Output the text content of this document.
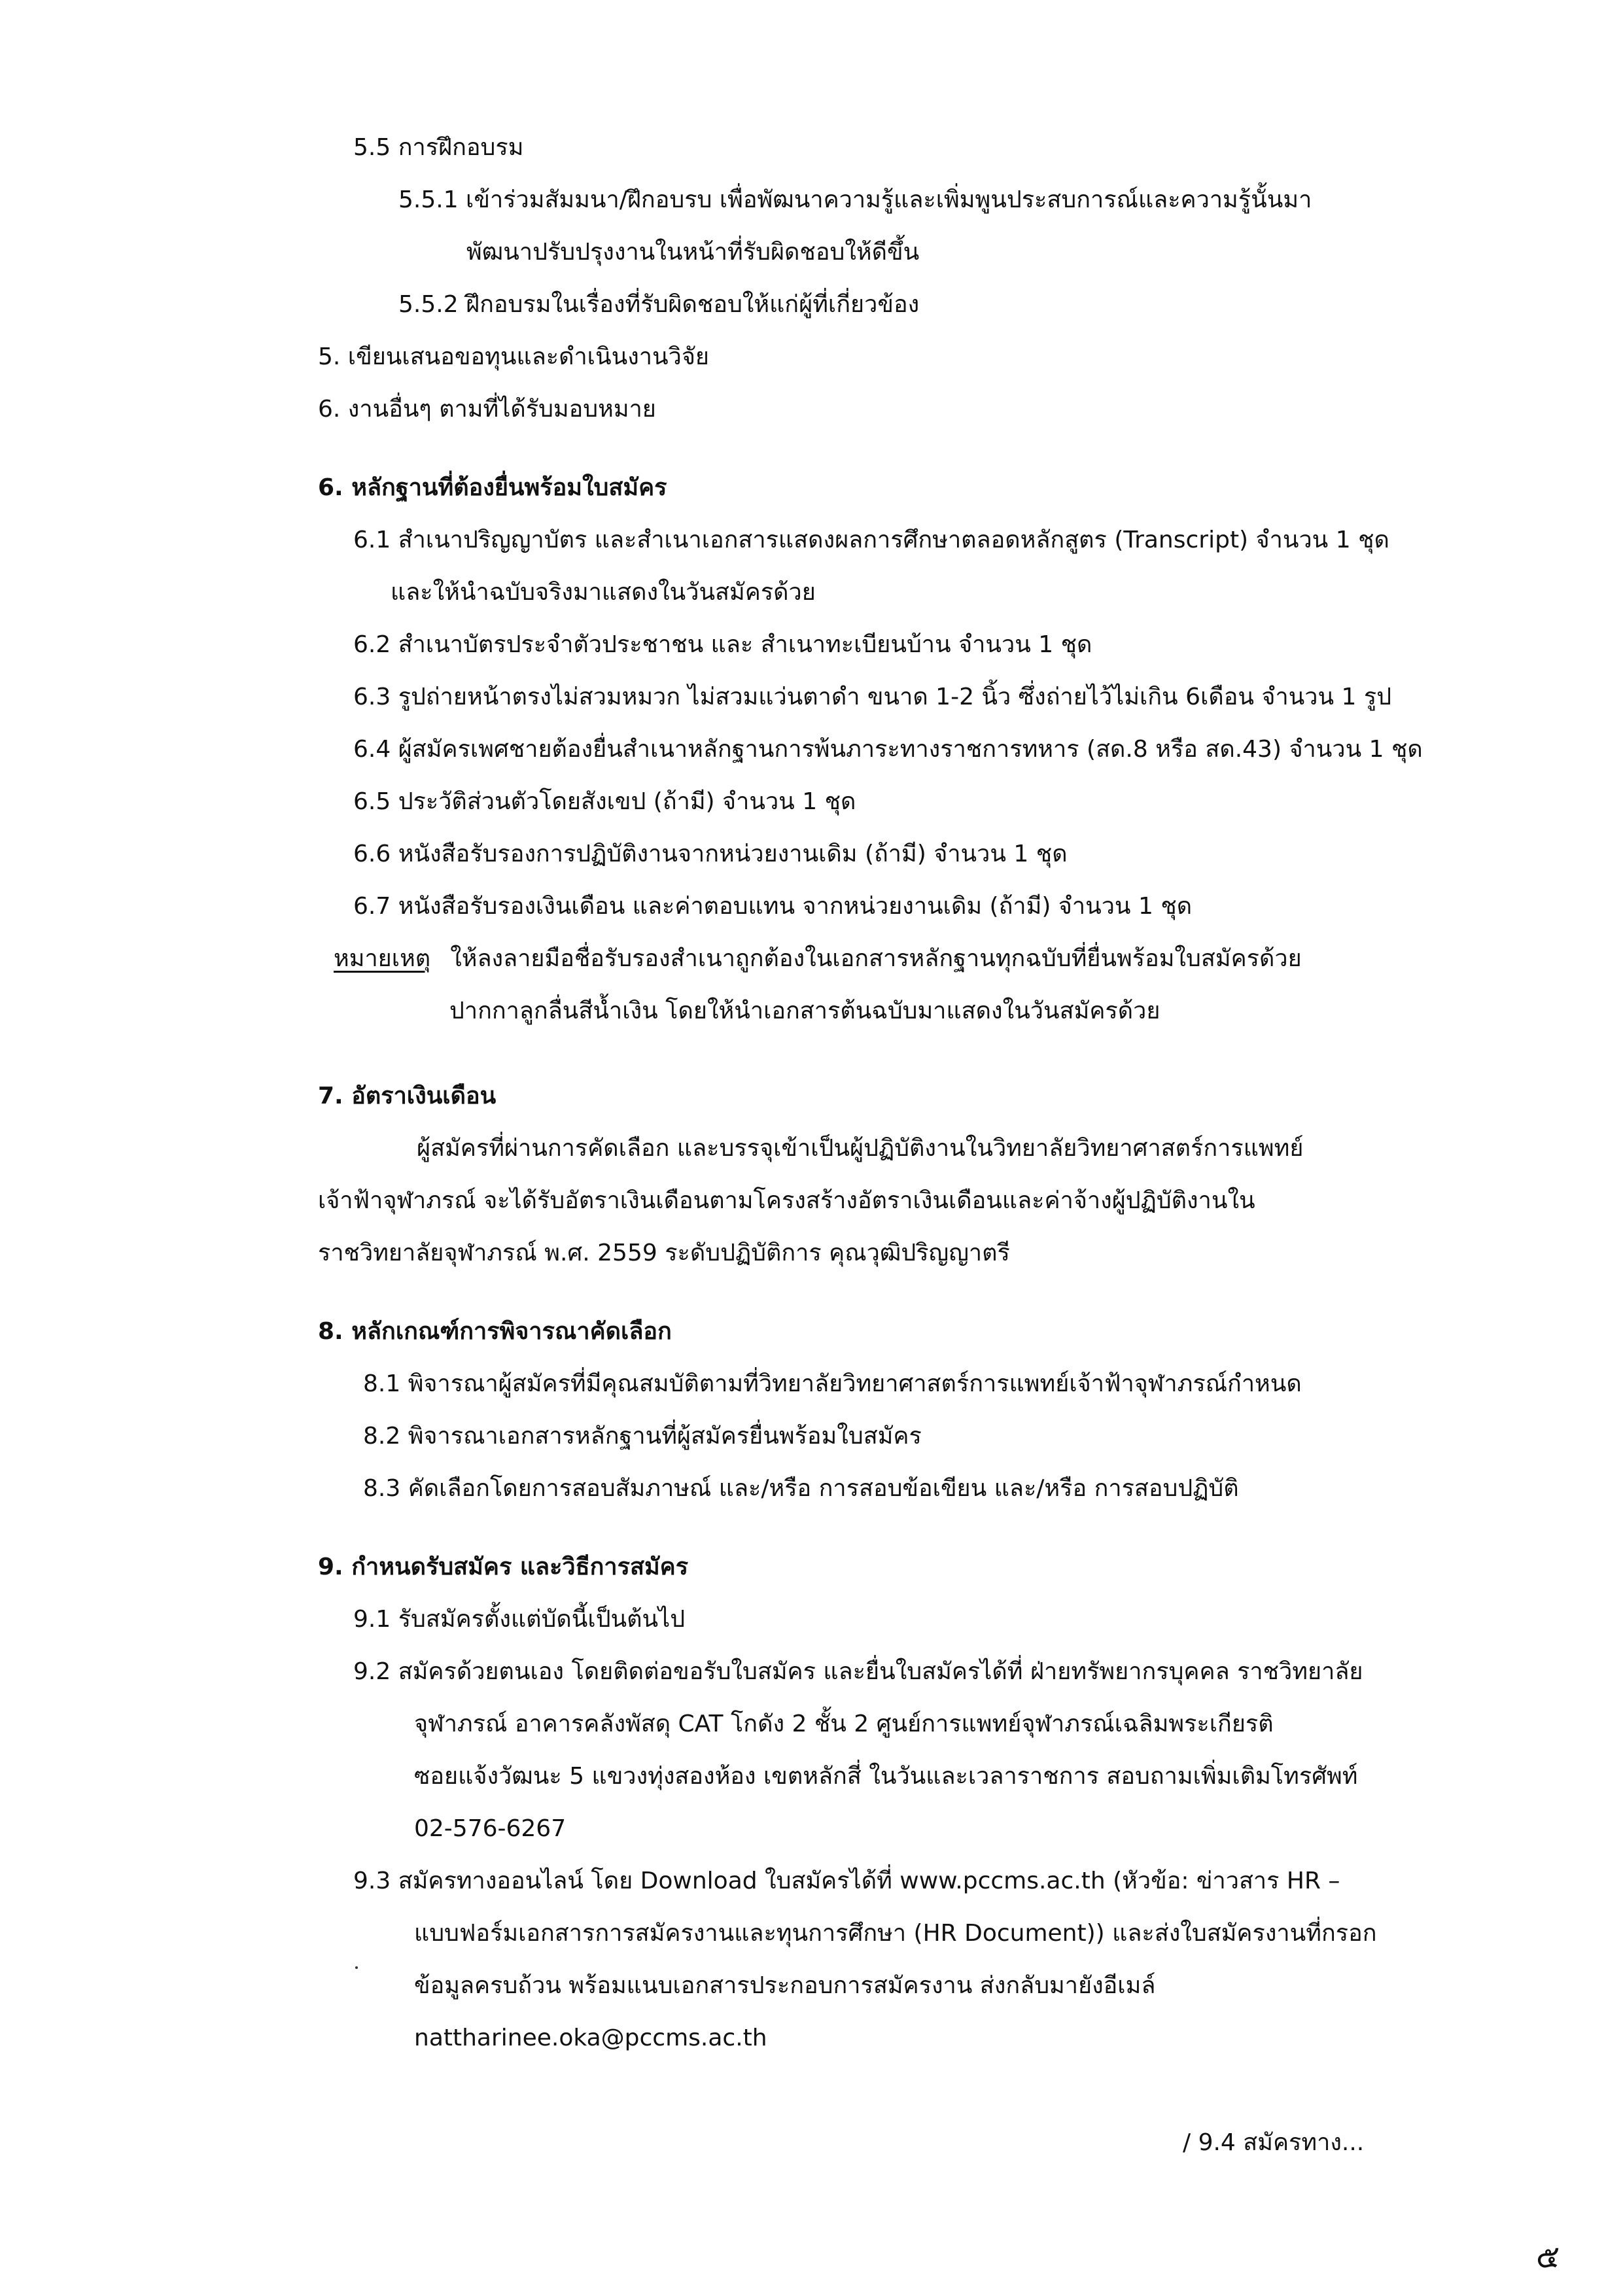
5.5 การฝึกอบรม
5.5.1 เข้าร่วมสัมมนา/ฝึกอบรบ เพื่อพัฒนาความรู้และเพิ่มพูนประสบการณ์และความรู้นั้นมา
พัฒนาปรับปรุงงานในหน้าที่รับผิดชอบให้ดีขึ้น
5.5.2 ฝึกอบรมในเรื่องที่รับผิดชอบให้แก่ผู้ที่เกี่ยวข้อง
5. เขียนเสนอขอทุนและดำเนินงานวิจัย
6. งานอื่นๆ ตามที่ได้รับมอบหมาย
6. หลักฐานที่ต้องยื่นพร้อมใบสมัคร
6.1 สำเนาปริญญาบัตร และสำเนาเอกสารแสดงผลการศึกษาตลอดหลักสูตร (Transcript) จำนวน 1 ชุด
และให้นำฉบับจริงมาแสดงในวันสมัครด้วย
6.2 สำเนาบัตรประจำตัวประชาชน และ สำเนาทะเบียนบ้าน จำนวน 1 ชุด
6.3 รูปถ่ายหน้าตรงไม่สวมหมวก ไม่สวมแว่นตาดำ ขนาด 1-2 นิ้ว ซึ่งถ่ายไว้ไม่เกิน 6เดือน จำนวน 1 รูป
6.4 ผู้สมัครเพศชายต้องยื่นสำเนาหลักฐานการพ้นภาระทางราชการทหาร (สด.8 หรือ สด.43) จำนวน 1 ชุด
6.5 ประวัติส่วนตัวโดยสังเขป (ถ้ามี) จำนวน 1 ชุด
6.6 หนังสือรับรองการปฏิบัติงานจากหน่วยงานเดิม (ถ้ามี) จำนวน 1 ชุด
6.7 หนังสือรับรองเงินเดือน และค่าตอบแทน จากหน่วยงานเดิม (ถ้ามี) จำนวน 1 ชุด
หมายเหตุ ให้ลงลายมือชื่อรับรองสำเนาถูกต้องในเอกสารหลักฐานทุกฉบับที่ยื่นพร้อมใบสมัครด้วย
ปากกาลูกลื่นสีน้ำเงิน โดยให้นำเอกสารต้นฉบับมาแสดงในวันสมัครด้วย
7. อัตราเงินเดือน
ผู้สมัครที่ผ่านการคัดเลือก และบรรจุเข้าเป็นผู้ปฏิบัติงานในวิทยาลัยวิทยาศาสตร์การแพทย์
เจ้าฟ้าจุฬาภรณ์ จะได้รับอัตราเงินเดือนตามโครงสร้างอัตราเงินเดือนและค่าจ้างผู้ปฏิบัติงานใน
ราชวิทยาลัยจุฬาภรณ์ พ.ศ. 2559 ระดับปฏิบัติการ คุณวุฒิปริญญาตรี
8. หลักเกณฑ์การพิจารณาคัดเลือก
8.1 พิจารณาผู้สมัครที่มีคุณสมบัติตามที่วิทยาลัยวิทยาศาสตร์การแพทย์เจ้าฟ้าจุฬาภรณ์กำหนด
8.2 พิจารณาเอกสารหลักฐานที่ผู้สมัครยื่นพร้อมใบสมัคร
8.3 คัดเลือกโดยการสอบสัมภาษณ์ และ/หรือ การสอบข้อเขียน และ/หรือ การสอบปฏิบัติ
9. กำหนดรับสมัคร และวิธีการสมัคร
9.1 รับสมัครตั้งแต่บัดนี้เป็นต้นไป
9.2 สมัครด้วยตนเอง โดยติดต่อขอรับใบสมัคร และยื่นใบสมัครได้ที่ ฝ่ายทรัพยากรบุคคล ราชวิทยาลัย
จุฬาภรณ์ อาคารคลังพัสดุ CAT โกดัง 2 ชั้น 2 ศูนย์การแพทย์จุฬาภรณ์เฉลิมพระเกียรติ
ซอยแจ้งวัฒนะ 5 แขวงทุ่งสองห้อง เขตหลักสี่ ในวันและเวลาราชการ สอบถามเพิ่มเติมโทรศัพท์
02-576-6267
9.3 สมัครทางออนไลน์ โดย Download ใบสมัครได้ที่ www.pccms.ac.th (หัวข้อ: ข่าวสาร HR –
แบบฟอร์มเอกสารการสมัครงานและทุนการศึกษา (HR Document)) และส่งใบสมัครงานที่กรอก
ข้อมูลครบถ้วน พร้อมแนบเอกสารประกอบการสมัครงาน ส่งกลับมายังอีเมล์
nattharinee.oka@pccms.ac.th
/ 9.4 สมัครทาง...
๕
